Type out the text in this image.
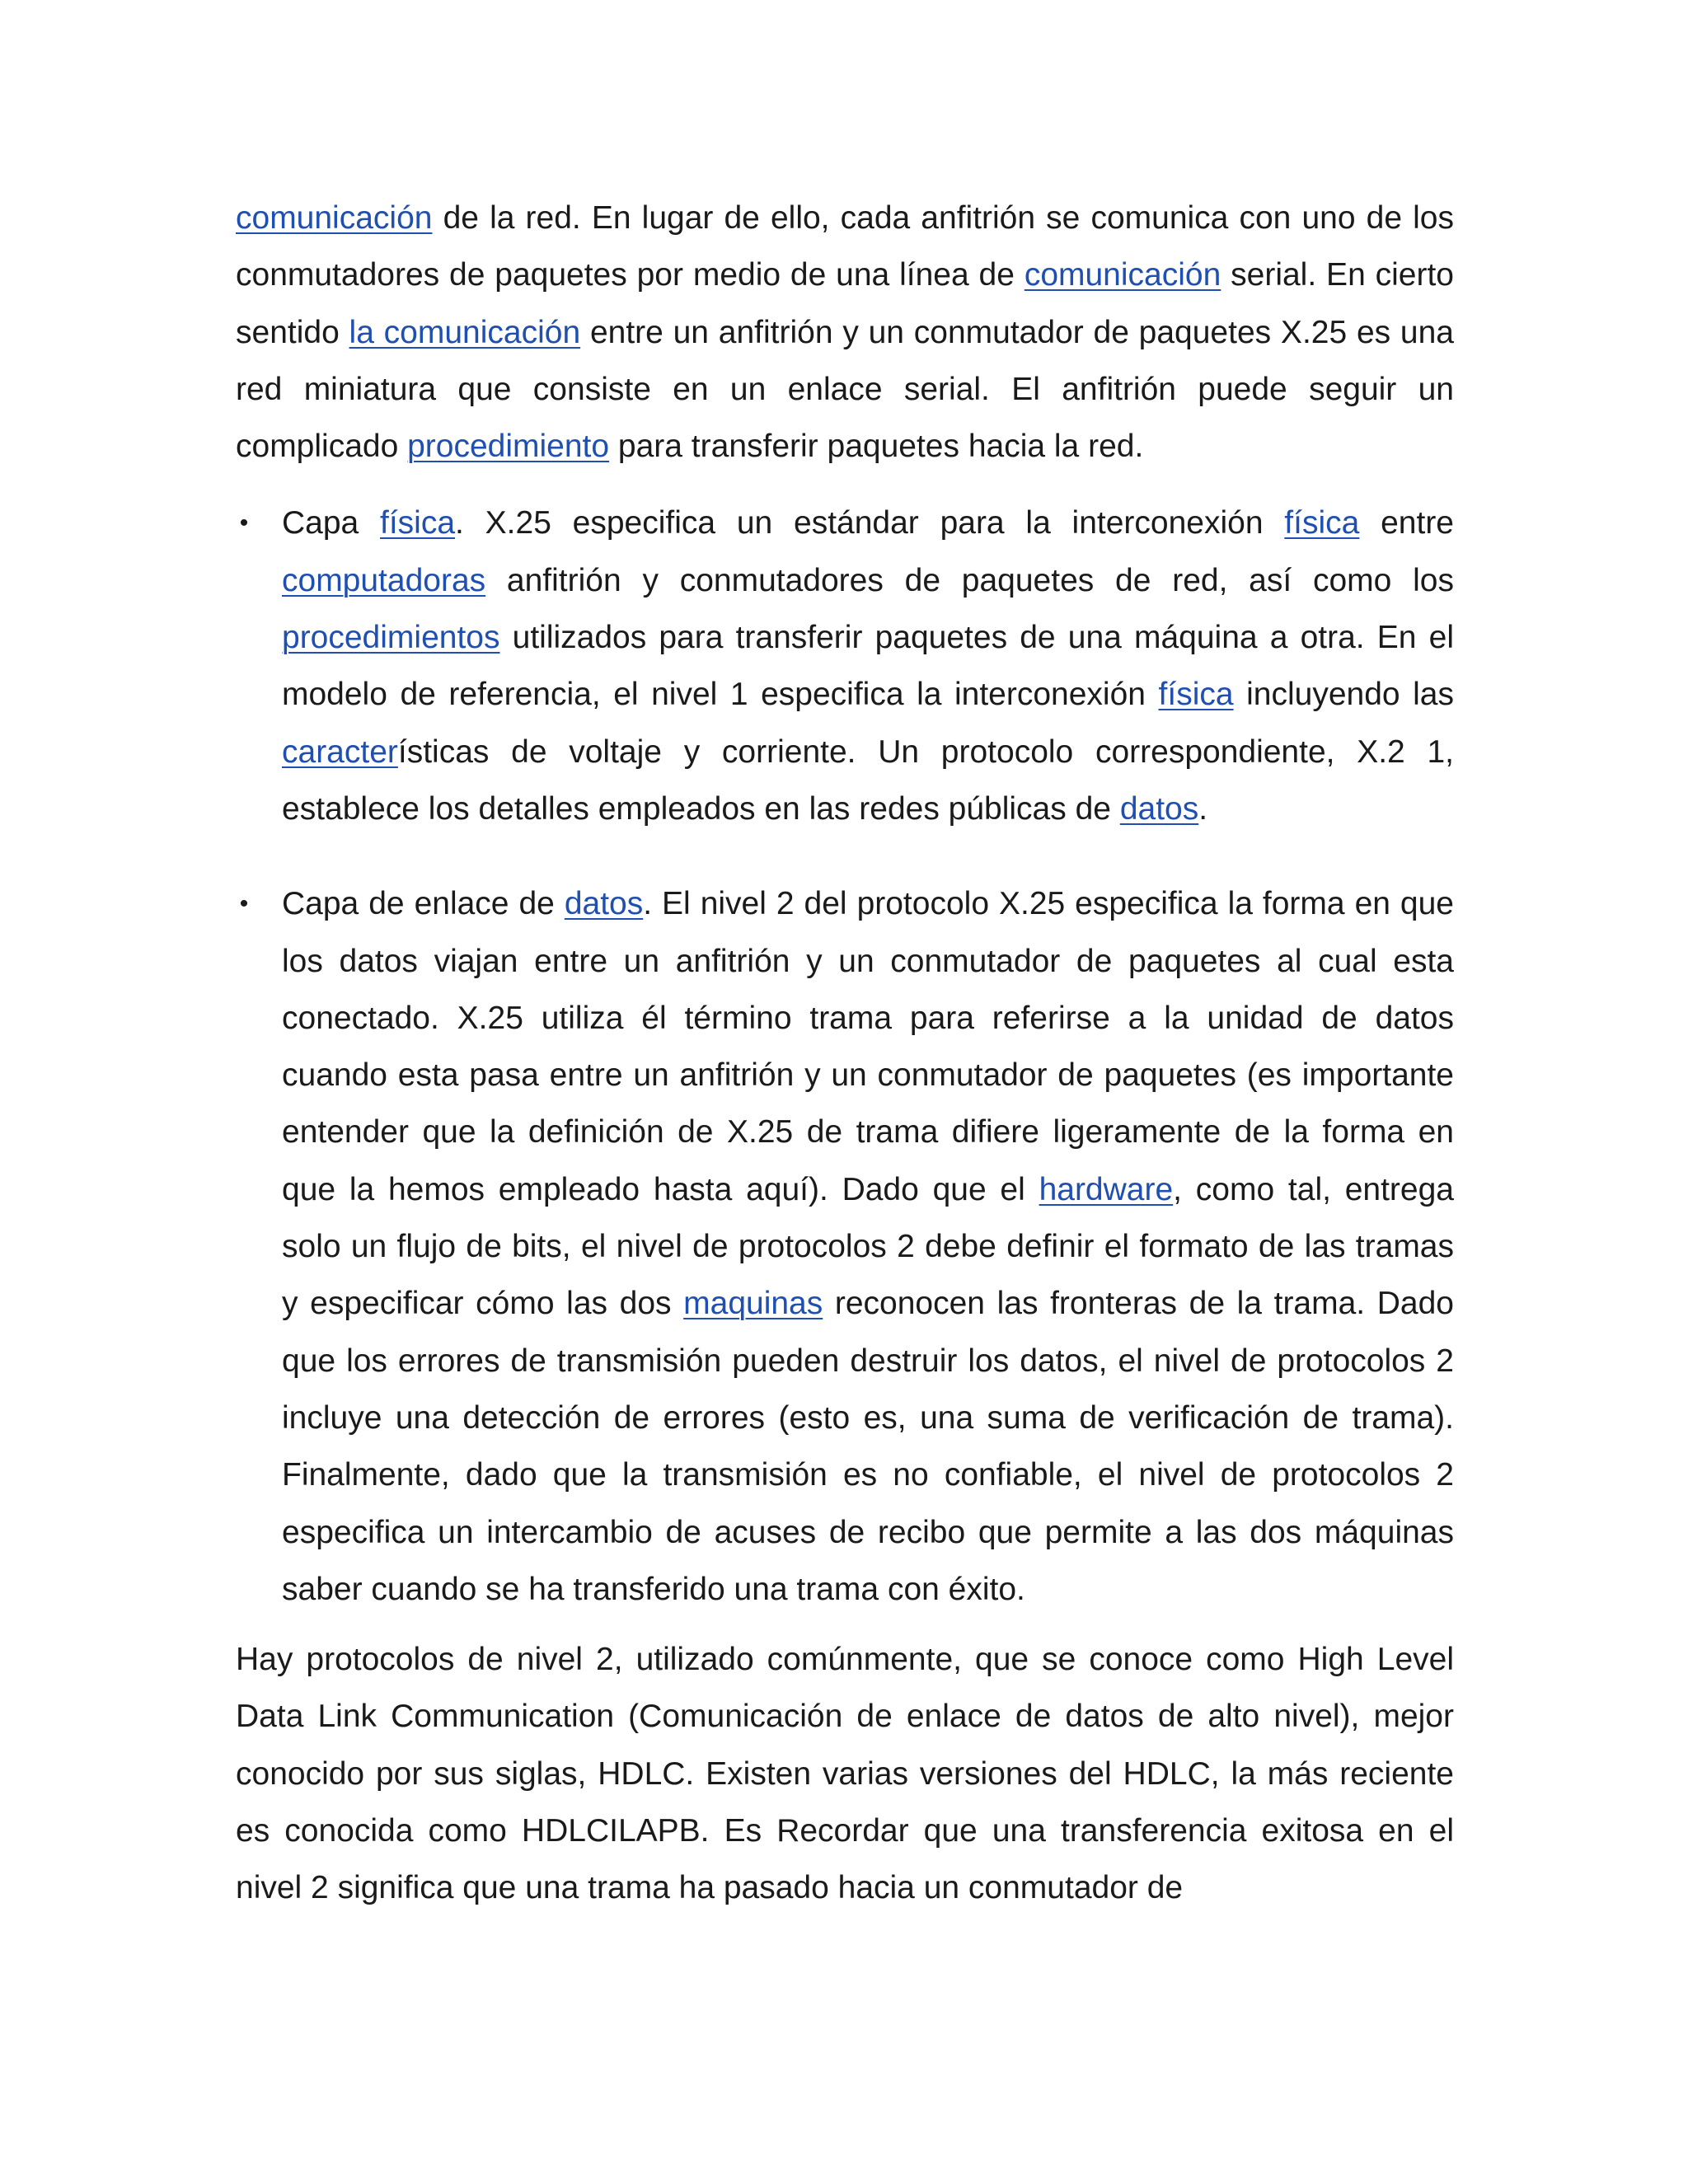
comunicación de la red. En lugar de ello, cada anfitrión se comunica con uno de los conmutadores de paquetes por medio de una línea de comunicación serial. En cierto sentido la comunicación entre un anfitrión y un conmutador de paquetes X.25 es una red miniatura que consiste en un enlace serial. El anfitrión puede seguir un complicado procedimiento para transferir paquetes hacia la red.

• Capa física. X.25 especifica un estándar para la interconexión física entre computadoras anfitrión y conmutadores de paquetes de red, así como los procedimientos utilizados para transferir paquetes de una máquina a otra. En el modelo de referencia, el nivel 1 especifica la interconexión física incluyendo las características de voltaje y corriente. Un protocolo correspondiente, X.2 1, establece los detalles empleados en las redes públicas de datos.
• Capa de enlace de datos. El nivel 2 del protocolo X.25 especifica la forma en que los datos viajan entre un anfitrión y un conmutador de paquetes al cual esta conectado. X.25 utiliza él término trama para referirse a la unidad de datos cuando esta pasa entre un anfitrión y un conmutador de paquetes (es importante entender que la definición de X.25 de trama difiere ligeramente de la forma en que la hemos empleado hasta aquí). Dado que el hardware, como tal, entrega solo un flujo de bits, el nivel de protocolos 2 debe definir el formato de las tramas y especificar cómo las dos maquinas reconocen las fronteras de la trama. Dado que los errores de transmisión pueden destruir los datos, el nivel de protocolos 2 incluye una detección de errores (esto es, una suma de verificación de trama). Finalmente, dado que la transmisión es no confiable, el nivel de protocolos 2 especifica un intercambio de acuses de recibo que permite a las dos máquinas saber cuando se ha transferido una trama con éxito.

Hay protocolos de nivel 2, utilizado comúnmente, que se conoce como High Level Data Link Communication (Comunicación de enlace de datos de alto nivel), mejor conocido por sus siglas, HDLC. Existen varias versiones del HDLC, la más reciente es conocida como HDLCILAPB. Es Recordar que una transferencia exitosa en el nivel 2 significa que una trama ha pasado hacia un conmutador de
